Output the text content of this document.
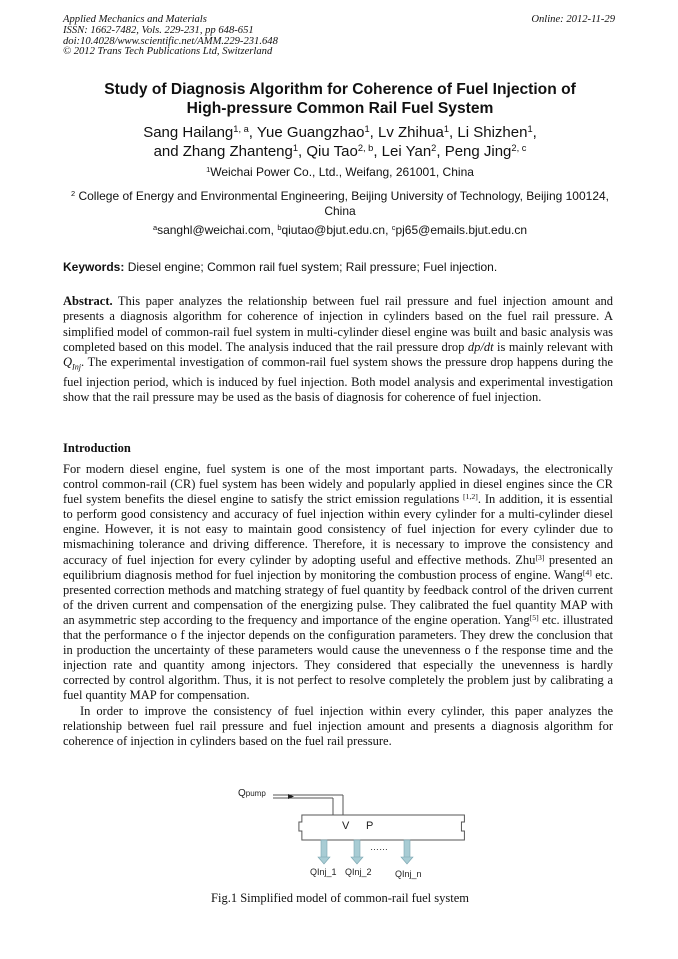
Applied Mechanics and Materials
ISSN: 1662-7482, Vols. 229-231, pp 648-651
doi:10.4028/www.scientific.net/AMM.229-231.648
© 2012 Trans Tech Publications Ltd, Switzerland
Online: 2012-11-29
Study of Diagnosis Algorithm for Coherence of Fuel Injection of
High-pressure Common Rail Fuel System
Sang Hailang$^{1, a}$, Yue Guangzhao$^1$, Lv Zhihua$^1$, Li Shizhen$^1$,
and Zhang Zhanteng$^1$, Qiu Tao$^{2, b}$, Lei Yan$^2$, Peng Jing$^{2, c}$
$^1$Weichai Power Co., Ltd., Weifang, 261001, China
$^2$ College of Energy and Environmental Engineering, Beijing University of Technology, Beijing 100124, China
$^a$sanghl@weichai.com, $^b$qiutao@bjut.edu.cn, $^c$pj65@emails.bjut.edu.cn
Keywords: Diesel engine; Common rail fuel system; Rail pressure; Fuel injection.
Abstract. This paper analyzes the relationship between fuel rail pressure and fuel injection amount and presents a diagnosis algorithm for coherence of injection in cylinders based on the fuel rail pressure. A simplified model of common-rail fuel system in multi-cylinder diesel engine was built and basic analysis was completed based on this model. The analysis induced that the rail pressure drop dp/dt is mainly relevant with $Q_{Inj}$. The experimental investigation of common-rail fuel system shows the pressure drop happens during the fuel injection period, which is induced by fuel injection. Both model analysis and experimental investigation show that the rail pressure may be used as the basis of diagnosis for coherence of fuel injection.
Introduction

For modern diesel engine, fuel system is one of the most important parts. Nowadays, the electronically control common-rail (CR) fuel system has been widely and popularly applied in diesel engines since the CR fuel system benefits the diesel engine to satisfy the strict emission regulations [1,2]. In addition, it is essential to perform good consistency and accuracy of fuel injection within every cylinder for a multi-cylinder diesel engine. However, it is not easy to maintain good consistency of fuel injection for every cylinder due to mismachining tolerance and driving difference. Therefore, it is necessary to improve the consistency and accuracy of fuel injection for every cylinder by adopting useful and effective methods. Zhu[3] presented an equilibrium diagnosis method for fuel injection by monitoring the combustion process of engine. Wang[4] etc. presented correction methods and matching strategy of fuel quantity by feedback control of the driven current of the driven current and compensation of the energizing pulse. They calibrated the fuel quantity MAP with an asymmetric step according to the frequency and importance of the engine operation. Yang[5] etc. illustrated that the performance o f the injector depends on the configuration parameters. They drew the conclusion that in production the uncertainty of these parameters would cause the unevenness o f the response time and the injection rate and quantity among injectors. They considered that especially the unevenness is hardly corrected by control algorithm. Thus, it is not perfect to resolve completely the problem just by calibrating a fuel quantity MAP for compensation.

In order to improve the consistency of fuel injection within every cylinder, this paper analyzes the relationship between fuel rail pressure and fuel injection amount and presents a diagnosis algorithm for coherence of injection in cylinders based on the fuel rail pressure.

Qpump
V P
……
QInj_1 QInj_2	QInj_n
Fig.1 Simplified model of common-rail fuel system
